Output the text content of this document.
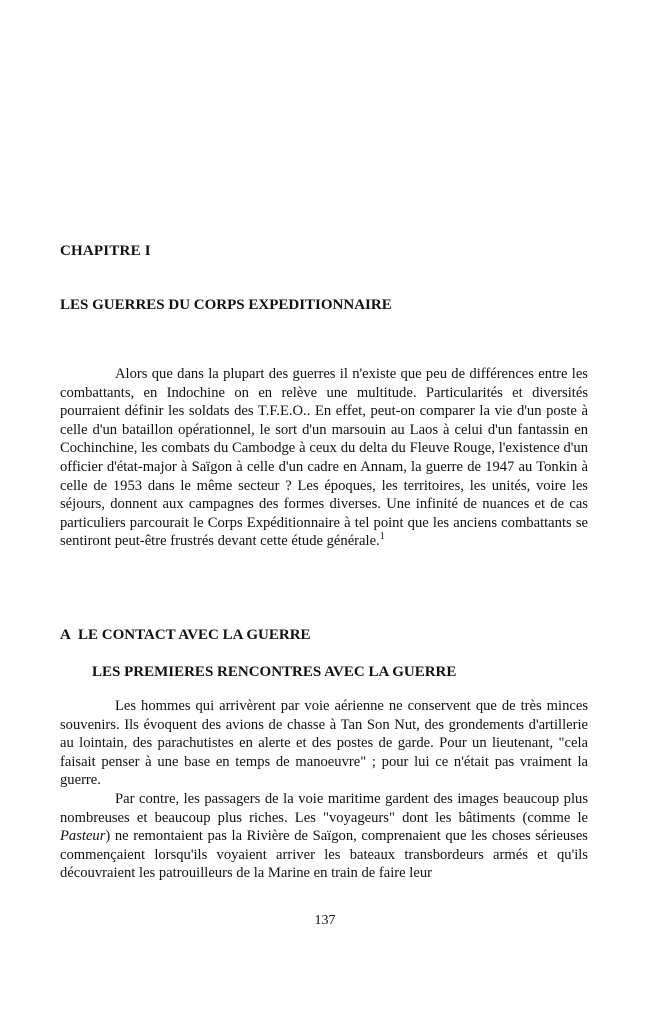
CHAPITRE I
LES GUERRES DU CORPS EXPEDITIONNAIRE

Alors que dans la plupart des guerres il n'existe que peu de différences entre les combattants, en Indochine on en relève une multitude. Particularités et diversités pourraient définir les soldats des T.F.E.O.. En effet, peut-on comparer la vie d'un poste à celle d'un bataillon opérationnel, le sort d'un marsouin au Laos à celui d'un fantassin en Cochinchine, les combats du Cambodge à ceux du delta du Fleuve Rouge, l'existence d'un officier d'état-major à Saïgon à celle d'un cadre en Annam, la guerre de 1947 au Tonkin à celle de 1953 dans le même secteur ? Les époques, les territoires, les unités, voire les séjours, donnent aux campagnes des formes diverses. Une infinité de nuances et de cas particuliers parcourait le Corps Expéditionnaire à tel point que les anciens combattants se sentiront peut-être frustrés devant cette étude générale.$^1$

A LE CONTACT AVEC LA GUERRE
LES PREMIERES RENCONTRES AVEC LA GUERRE

Les hommes qui arrivèrent par voie aérienne ne conservent que de très minces souvenirs. Ils évoquent des avions de chasse à Tan Son Nut, des grondements d'artillerie au lointain, des parachutistes en alerte et des postes de garde. Pour un lieutenant, "cela faisait penser à une base en temps de manoeuvre" ; pour lui ce n'était pas vraiment la guerre.

Par contre, les passagers de la voie maritime gardent des images beaucoup plus nombreuses et beaucoup plus riches. Les "voyageurs" dont les bâtiments (comme le Pasteur) ne remontaient pas la Rivière de Saïgon, comprenaient que les choses sérieuses commençaient lorsqu'ils voyaient arriver les bateaux transbordeurs armés et qu'ils découvraient les patrouilleurs de la Marine en train de faire leur

137
